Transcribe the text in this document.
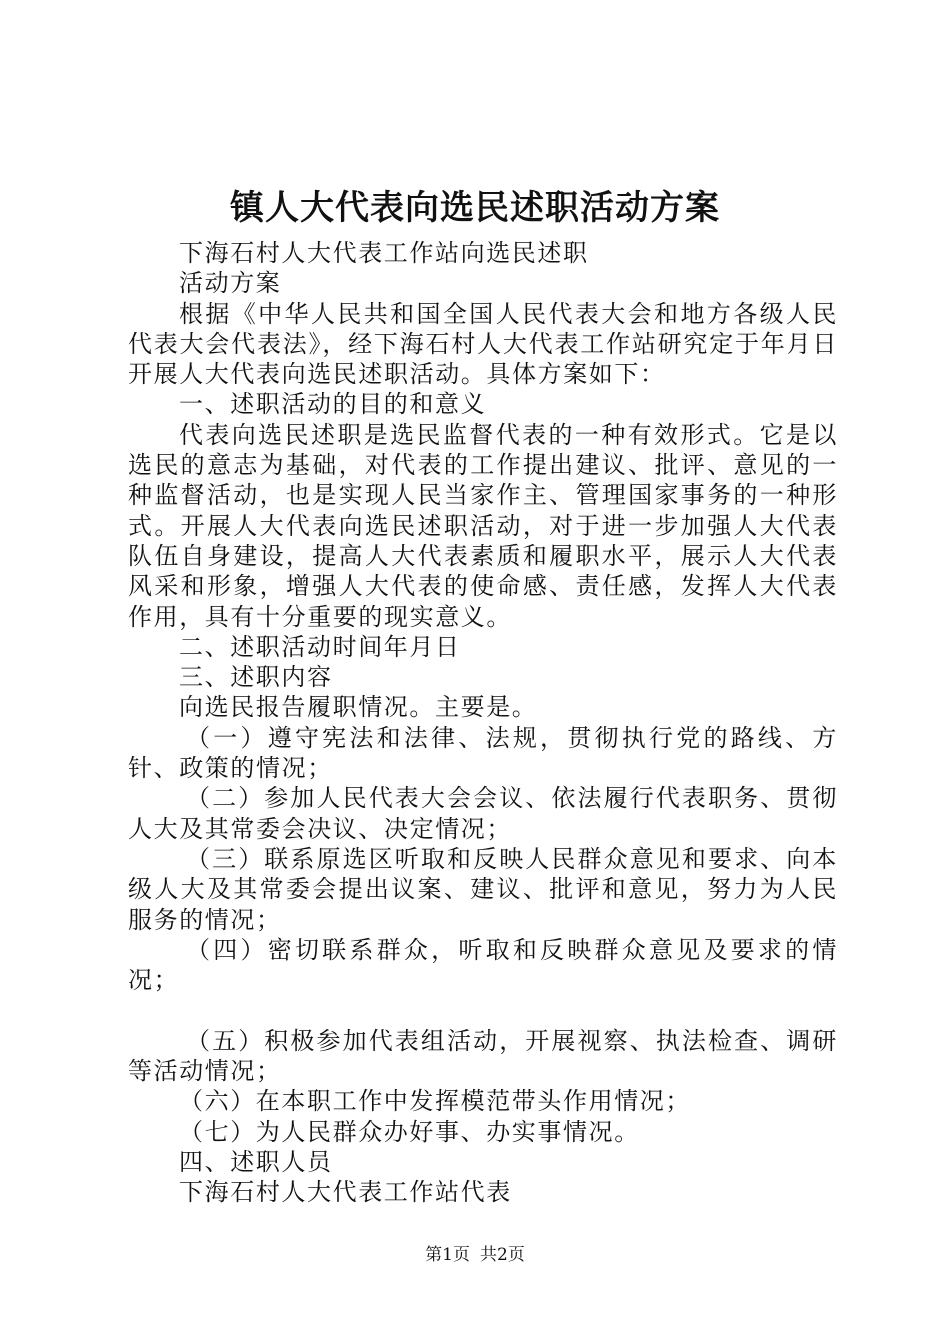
镇人大代表向选民述职活动方案

下海石村人大代表工作站向选民述职

活动方案

根据《中华人民共和国全国人民代表大会和地方各级人民代表大会代表法》，经下海石村人大代表工作站研究定于年月日开展人大代表向选民述职活动。具体方案如下：

一、述职活动的目的和意义

代表向选民述职是选民监督代表的一种有效形式。它是以选民的意志为基础，对代表的工作提出建议、批评、意见的一种监督活动，也是实现人民当家作主、管理国家事务的一种形式。开展人大代表向选民述职活动，对于进一步加强人大代表队伍自身建设，提高人大代表素质和履职水平，展示人大代表风采和形象，增强人大代表的使命感、责任感，发挥人大代表作用，具有十分重要的现实意义。

二、述职活动时间年月日

三、述职内容

向选民报告履职情况。主要是。

（一）遵守宪法和法律、法规，贯彻执行党的路线、方针、政策的情况；

（二）参加人民代表大会会议、依法履行代表职务、贯彻人大及其常委会决议、决定情况；

（三）联系原选区听取和反映人民群众意见和要求、向本级人大及其常委会提出议案、建议、批评和意见，努力为人民服务的情况；

（四）密切联系群众，听取和反映群众意见及要求的情况；

（五）积极参加代表组活动，开展视察、执法检查、调研等活动情况；

（六）在本职工作中发挥模范带头作用情况；

（七）为人民群众办好事、办实事情况。

四、述职人员

下海石村人大代表工作站代表

第1页 共2页
